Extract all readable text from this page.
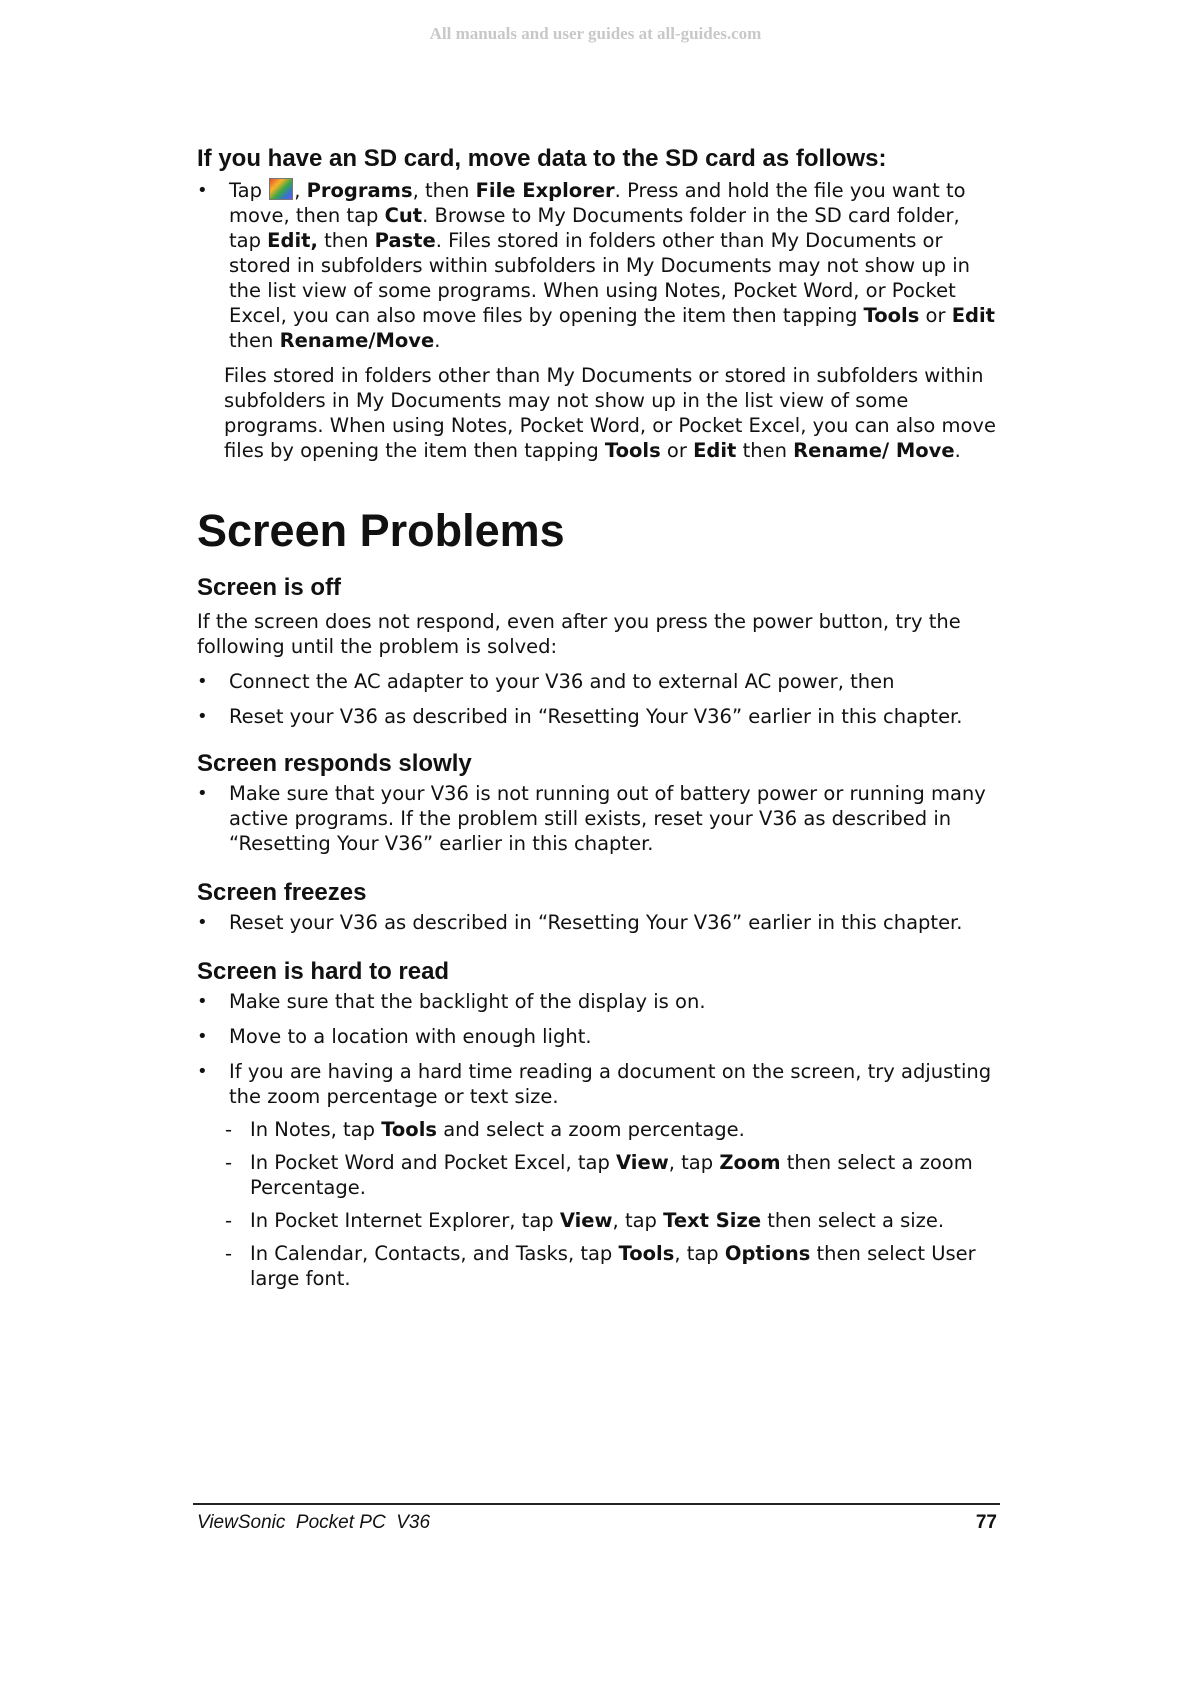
All manuals and user guides at all-guides.com
If you have an SD card, move data to the SD card as follows:
• Tap , Programs, then File Explorer. Press and hold the file you want to move, then tap Cut. Browse to My Documents folder in the SD card folder, tap Edit, then Paste. Files stored in folders other than My Documents or stored in subfolders within subfolders in My Documents may not show up in the list view of some programs. When using Notes, Pocket Word, or Pocket Excel, you can also move files by opening the item then tapping Tools or Edit then Rename/Move.

Files stored in folders other than My Documents or stored in subfolders within subfolders in My Documents may not show up in the list view of some programs. When using Notes, Pocket Word, or Pocket Excel, you can also move files by opening the item then tapping Tools or Edit then Rename/ Move.

Screen Problems
Screen is off

If the screen does not respond, even after you press the power button, try the following until the problem is solved:

• Connect the AC adapter to your V36 and to external AC power, then
• Reset your V36 as described in “Resetting Your V36” earlier in this chapter.
Screen responds slowly
• Make sure that your V36 is not running out of battery power or running many active programs. If the problem still exists, reset your V36 as described in “Resetting Your V36” earlier in this chapter.
Screen freezes
• Reset your V36 as described in “Resetting Your V36” earlier in this chapter.
Screen is hard to read
• Make sure that the backlight of the display is on.
• Move to a location with enough light.
• If you are having a hard time reading a document on the screen, try adjusting the zoom percentage or text size.
- In Notes, tap Tools and select a zoom percentage.
- In Pocket Word and Pocket Excel, tap View, tap Zoom then select a zoom Percentage.
- In Pocket Internet Explorer, tap View, tap Text Size then select a size.
- In Calendar, Contacts, and Tasks, tap Tools, tap Options then select User large font.
ViewSonic  Pocket PC  V36	77
